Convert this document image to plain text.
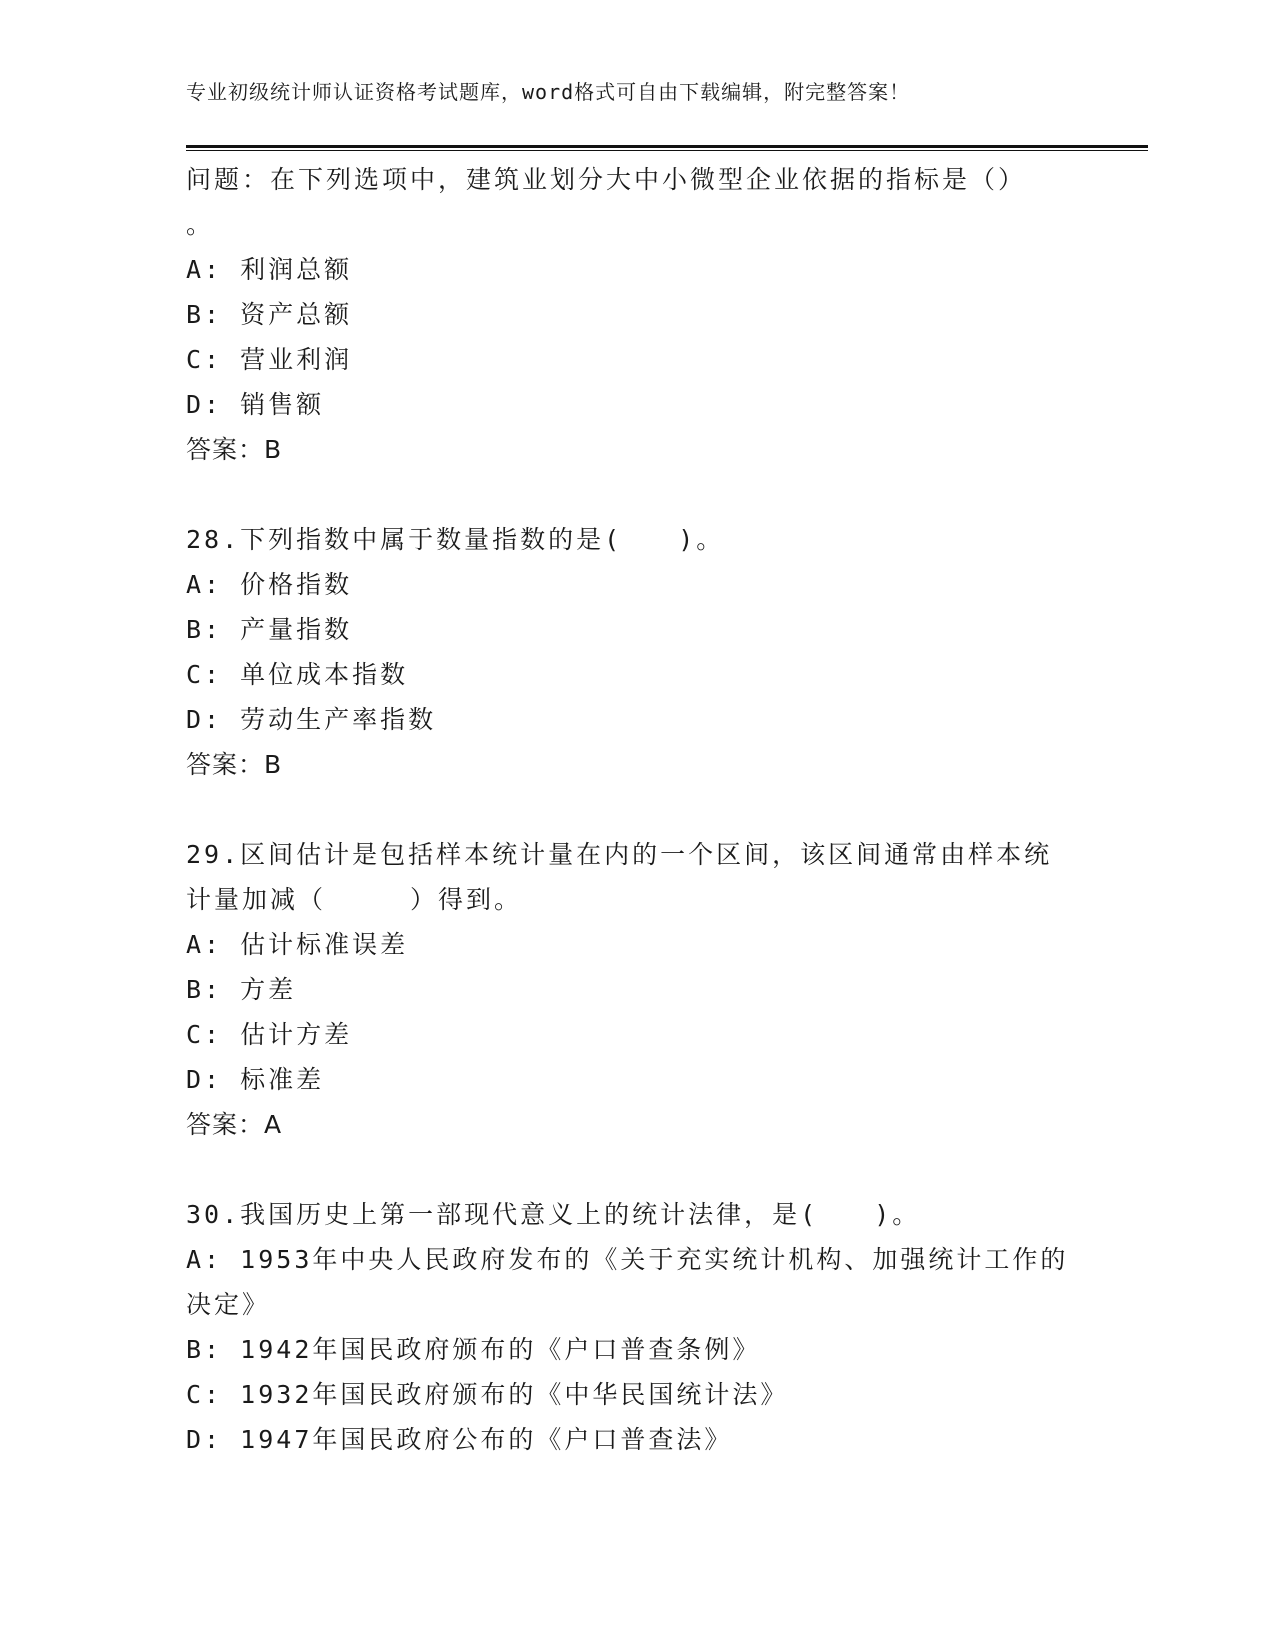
专业初级统计师认证资格考试题库，word格式可自由下载编辑，附完整答案！
问题：在下列选项中，建筑业划分大中小微型企业依据的指标是（）
。
A: 利润总额
B: 资产总额
C: 营业利润
D: 销售额
答案：B
28.下列指数中属于数量指数的是(　　)。
A: 价格指数
B: 产量指数
C: 单位成本指数
D: 劳动生产率指数
答案：B
29.区间估计是包括样本统计量在内的一个区间，该区间通常由样本统
计量加减（　　　）得到。
A: 估计标准误差
B: 方差
C: 估计方差
D: 标准差
答案：A
30.我国历史上第一部现代意义上的统计法律，是(　　)。
A: 1953年中央人民政府发布的《关于充实统计机构、加强统计工作的
决定》
B: 1942年国民政府颁布的《户口普查条例》
C: 1932年国民政府颁布的《中华民国统计法》
D: 1947年国民政府公布的《户口普查法》
